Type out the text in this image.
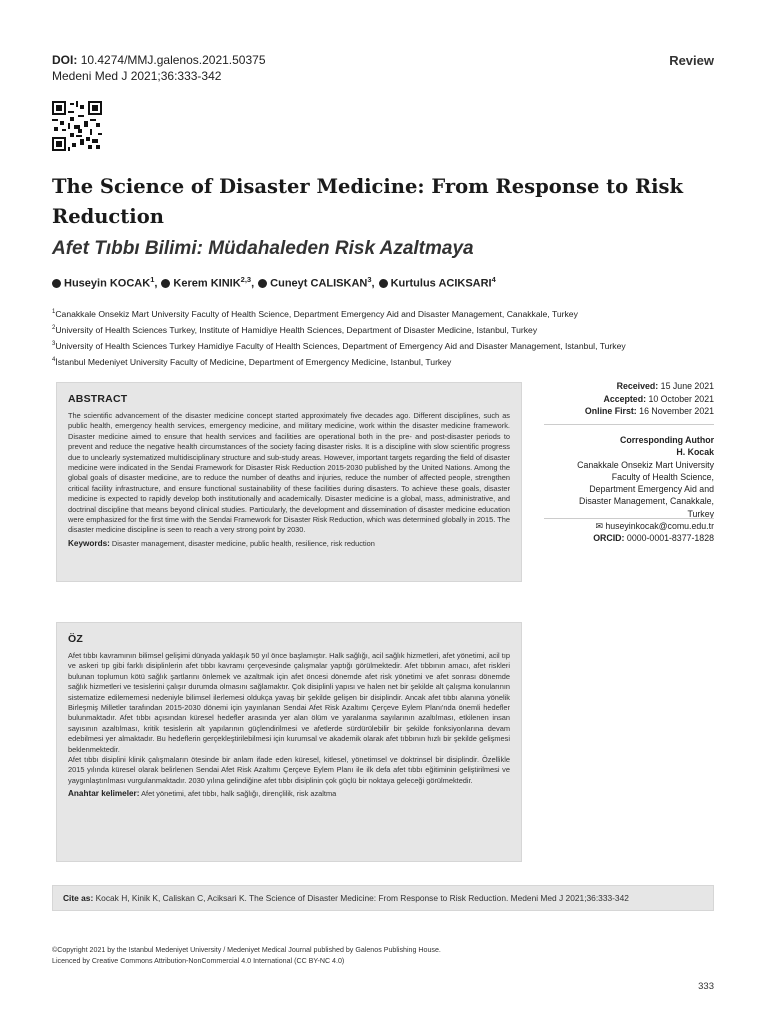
DOI: 10.4274/MMJ.galenos.2021.50375
Medeni Med J 2021;36:333-342
Review
The Science of Disaster Medicine: From Response to Risk Reduction
Afet Tıbbı Bilimi: Müdahaleden Risk Azaltmaya
Huseyin KOCAK$^1$,	Kerem KINIK$^{2,3}$,	Cuneyt CALISKAN$^3$,	Kurtulus ACIKSARI$^4$
$^1$Canakkale Onsekiz Mart University Faculty of Health Science, Department Emergency Aid and Disaster Management, Canakkale, Turkey
$^2$University of Health Sciences Turkey, Institute of Hamidiye Health Sciences, Department of Disaster Medicine, Istanbul, Turkey
$^3$University of Health Sciences Turkey Hamidiye Faculty of Health Sciences, Department of Emergency Aid and Disaster Management, Istanbul, Turkey
$^4$İstanbul Medeniyet University Faculty of Medicine, Department of Emergency Medicine, Istanbul, Turkey
ABSTRACT

The scientific advancement of the disaster medicine concept started approximately five decades ago. Different disciplines, such as public health, emergency health services, emergency medicine, and military medicine, work within the disaster medicine framework. Disaster medicine aimed to ensure that health services and facilities are operational both in the pre- and post-disaster periods to prevent and reduce the negative health circumstances of the society facing disaster risks. It is a discipline with slow scientific progress due to unclearly systematized multidisciplinary structure and sub-study areas. However, important targets regarding the field of disaster medicine were indicated in the Sendai Framework for Disaster Risk Reduction 2015-2030 published by the United Nations. Among the global goals of disaster medicine, are to reduce the number of deaths and injuries, reduce the number of affected people, strengthen critical facility infrastructure, and ensure functional sustainability of these facilities during disasters. To achieve these goals, disaster medicine is expected to rapidly develop both institutionally and academically. Disaster medicine is a global, mass, administrative, and doctrinal discipline that means beyond clinical studies. Particularly, the development and dissemination of disaster medicine education were emphasized for the first time with the Sendai Framework for Disaster Risk Reduction, which was determined globally in 2015. The disaster medicine discipline is seen to reach a very strong point by 2030.

Keywords: Disaster management, disaster medicine, public health, resilience, risk reduction
Received: 15 June 2021
Accepted: 10 October 2021
Online First: 16 November 2021
Corresponding Author
H. Kocak
Canakkale Onsekiz Mart University
Faculty of Health Science,
Department Emergency Aid and
Disaster Management, Canakkale,
Turkey
✉ huseyinkocak@comu.edu.tr
ORCID: 0000-0001-8377-1828
ÖZ

Afet tıbbı kavramının bilimsel gelişimi dünyada yaklaşık 50 yıl önce başlamıştır. Halk sağlığı, acil sağlık hizmetleri, afet yönetimi, acil tıp ve askeri tıp gibi farklı disiplinlerin afet tıbbı kavramı çerçevesinde çalışmalar yaptığı görülmektedir. Afet tıbbının amacı, afet riskleri bulunan toplumun kötü sağlık şartlarını önlemek ve azaltmak için afet öncesi dönemde afet risk yönetimi ve afet sonrası dönemde sağlık hizmetleri ve tesislerini çalışır durumda olmasını sağlamaktır. Çok disiplinli yapısı ve halen net bir şekilde alt çalışma konularının sistematize edilememesi nedeniyle bilimsel ilerlemesi oldukça yavaş bir şekilde gelişen bir disiplindir. Ancak afet tıbbı alanına yönelik Birleşmiş Milletler tarafından 2015-2030 dönemi için yayınlanan Sendai Afet Risk Azaltımı Çerçeve Eylem Planı'nda önemli hedefler bulunmaktadır. Afet tıbbı açısından küresel hedefler arasında yer alan ölüm ve yaralanma sayılarının azaltılması, etkilenen insan sayısının azaltılması, kritik tesislerin alt yapılarının güçlendirilmesi ve afetlerde sürdürülebilir bir şekilde fonksiyonlarına devam edebilmesi yer almaktadır. Bu hedeflerin gerçekleştirilebilmesi için kurumsal ve akademik olarak afet tıbbının hızlı bir şekilde gelişmesi beklenmektedir.

Afet tıbbı disiplini klinik çalışmaların ötesinde bir anlam ifade eden küresel, kitlesel, yönetimsel ve doktrinsel bir disiplindir. Özellikle 2015 yılında küresel olarak belirlenen Sendai Afet Risk Azaltımı Çerçeve Eylem Planı ile ilk defa afet tıbbı eğitiminin geliştirilmesi ve yaygınlaştırılması vurgulanmaktadır. 2030 yılına gelindiğine afet tıbbı disiplinin çok güçlü bir noktaya geleceği görülmektedir.

Anahtar kelimeler: Afet yönetimi, afet tıbbı, halk sağlığı, dirençlilik, risk azaltma
Cite as: Kocak H, Kinik K, Caliskan C, Aciksari K. The Science of Disaster Medicine: From Response to Risk Reduction. Medeni Med J 2021;36:333-342
©Copyright 2021 by the Istanbul Medeniyet University / Medeniyet Medical Journal published by Galenos Publishing House.
Licenced by Creative Commons Attribution-NonCommercial 4.0 International (CC BY-NC 4.0)
333
